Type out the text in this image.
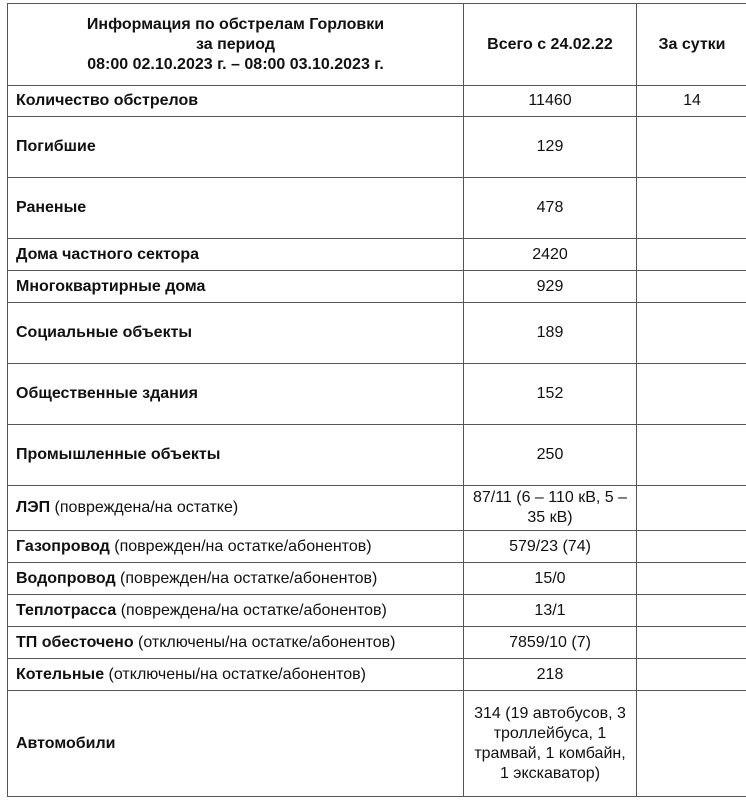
Информация по обстрелам Горловки
за период
08:00 02.10.2023 г. – 08:00 03.10.2023 г.	Всего с 24.02.22	За сутки
Количество обстрелов	11460	14
Погибшие	129	
Раненые	478	
Дома частного сектора	2420	
Многоквартирные дома	929	
Социальные объекты	189	
Общественные здания	152	
Промышленные объекты	250	
ЛЭП (повреждена/на остатке)	87/11 (6 – 110 кВ, 5 – 35 кВ)	
Газопровод (поврежден/на остатке/абонентов)	579/23 (74)	
Водопровод (поврежден/на остатке/абонентов)	15/0	
Теплотрасса (повреждена/на остатке/абонентов)	13/1	
ТП обесточено (отключены/на остатке/абонентов)	7859/10 (7)	
Котельные (отключены/на остатке/абонентов)	218	
Автомобили	314 (19 автобусов, 3 троллейбуса, 1 трамвай, 1 комбайн, 1 экскаватор)	
